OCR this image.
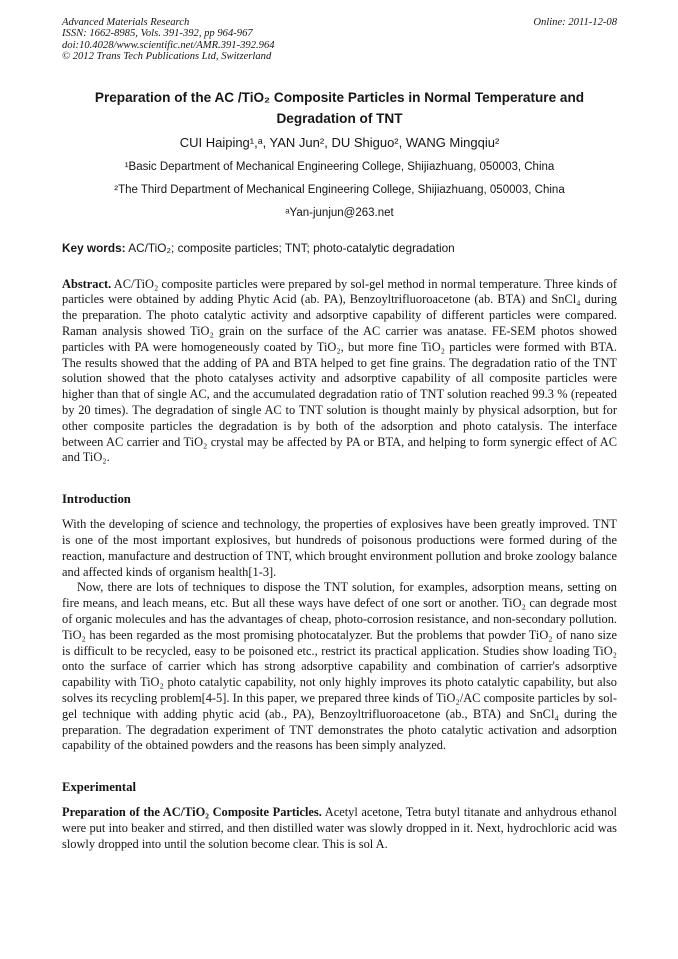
Advanced Materials Research
ISSN: 1662-8985, Vols. 391-392, pp 964-967
doi:10.4028/www.scientific.net/AMR.391-392.964
© 2012 Trans Tech Publications Ltd, Switzerland
Online: 2011-12-08
Preparation of the AC /TiO₂ Composite Particles in Normal Temperature and Degradation of TNT
CUI Haiping¹,ᵃ, YAN Jun², DU Shiguo², WANG Mingqiu²
¹Basic Department of Mechanical Engineering College, Shijiazhuang, 050003, China
²The Third Department of Mechanical Engineering College, Shijiazhuang, 050003, China
ᵃYan-junjun@263.net
Key words: AC/TiO₂; composite particles; TNT; photo-catalytic degradation

Abstract. AC/TiO₂ composite particles were prepared by sol-gel method in normal temperature. Three kinds of particles were obtained by adding Phytic Acid (ab. PA), Benzoyltrifluoroacetone (ab. BTA) and SnCl₄ during the preparation. The photo catalytic activity and adsorptive capability of different particles were compared. Raman analysis showed TiO₂ grain on the surface of the AC carrier was anatase. FE-SEM photos showed particles with PA were homogeneously coated by TiO₂, but more fine TiO₂ particles were formed with BTA. The results showed that the adding of PA and BTA helped to get fine grains. The degradation ratio of the TNT solution showed that the photo catalyses activity and adsorptive capability of all composite particles were higher than that of single AC, and the accumulated degradation ratio of TNT solution reached 99.3 % (repeated by 20 times). The degradation of single AC to TNT solution is thought mainly by physical adsorption, but for other composite particles the degradation is by both of the adsorption and photo catalysis. The interface between AC carrier and TiO₂ crystal may be affected by PA or BTA, and helping to form synergic effect of AC and TiO₂.

Introduction

With the developing of science and technology, the properties of explosives have been greatly improved. TNT is one of the most important explosives, but hundreds of poisonous productions were formed during of the reaction, manufacture and destruction of TNT, which brought environment pollution and broke zoology balance and affected kinds of organism health[1-3].

Now, there are lots of techniques to dispose the TNT solution, for examples, adsorption means, setting on fire means, and leach means, etc. But all these ways have defect of one sort or another. TiO₂ can degrade most of organic molecules and has the advantages of cheap, photo-corrosion resistance, and non-secondary pollution. TiO₂ has been regarded as the most promising photocatalyzer. But the problems that powder TiO₂ of nano size is difficult to be recycled, easy to be poisoned etc., restrict its practical application. Studies show loading TiO₂ onto the surface of carrier which has strong adsorptive capability and combination of carrier's adsorptive capability with TiO₂ photo catalytic capability, not only highly improves its photo catalytic capability, but also solves its recycling problem[4-5]. In this paper, we prepared three kinds of TiO₂/AC composite particles by sol-gel technique with adding phytic acid (ab., PA), Benzoyltrifluoroacetone (ab., BTA) and SnCl₄ during the preparation. The degradation experiment of TNT demonstrates the photo catalytic activation and adsorption capability of the obtained powders and the reasons has been simply analyzed.

Experimental

Preparation of the AC/TiO₂ Composite Particles. Acetyl acetone, Tetra butyl titanate and anhydrous ethanol were put into beaker and stirred, and then distilled water was slowly dropped in it. Next, hydrochloric acid was slowly dropped into until the solution become clear. This is sol A.
